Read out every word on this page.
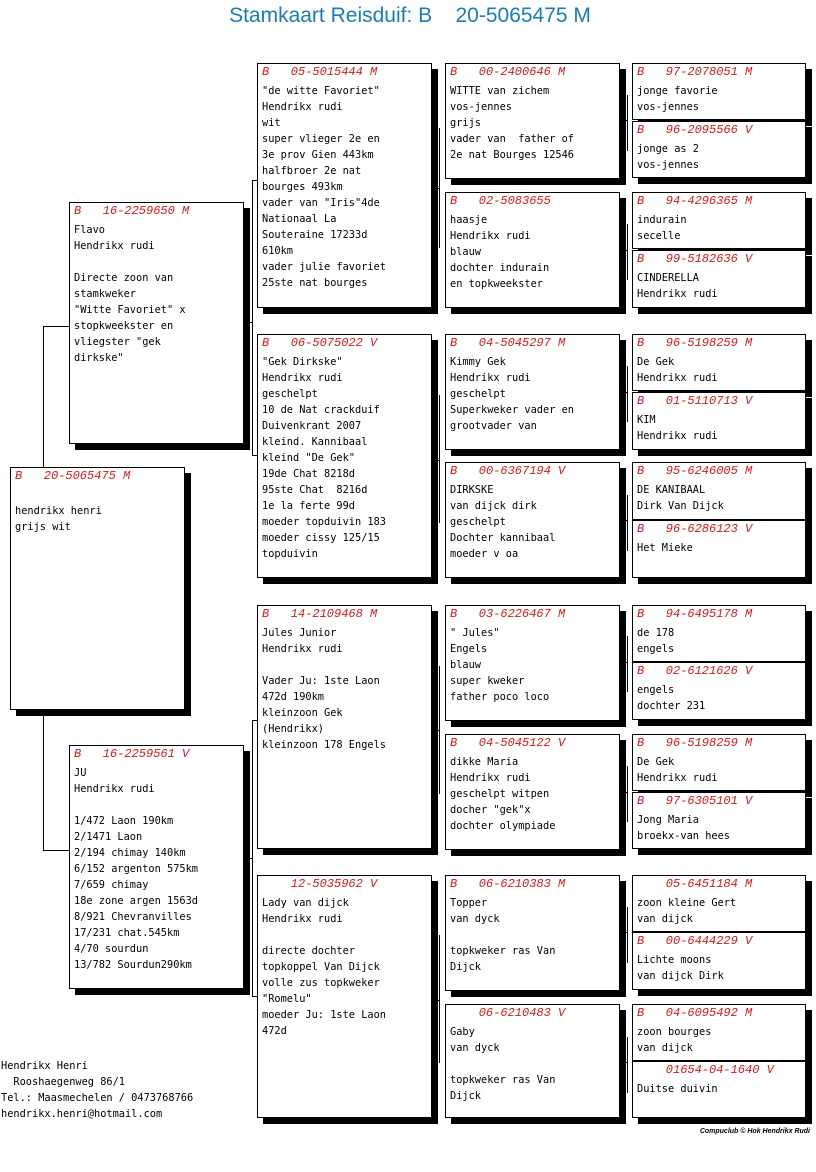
Stamkaart Reisduif: B    20-5065475 M
B   20-5065475 M

hendrikx henri
grijs wit
B   16-2259650 M
Flavo
Hendrikx rudi

Directe zoon van
stamkweker
"Witte Favoriet" x
stopkweekster en
vliegster "gek
dirkske"
B   16-2259561 V
JU
Hendrikx rudi

1/472 Laon 190km
2/1471 Laon
2/194 chimay 140km
6/152 argenton 575km
7/659 chimay
18e zone argen 1563d
8/921 Chevranvilles
17/231 chat.545km
4/70 sourdun
13/782 Sourdun290km
B   05-5015444 M
"de witte Favoriet"
Hendrikx rudi
wit
super vlieger 2e en
3e prov Gien 443km
halfbroer 2e nat
bourges 493km
vader van "Iris"4de
Nationaal La
Souteraine 17233d
610km
vader julie favoriet
25ste nat bourges
B   06-5075022 V
"Gek Dirkske"
Hendrikx rudi
geschelpt
10 de Nat crackduif
Duivenkrant 2007
kleind. Kannibaal
kleind "De Gek"
19de Chat 8218d
95ste Chat  8216d
1e la ferte 99d
moeder topduivin 183
moeder cissy 125/15
topduivin
B   14-2109468 M
Jules Junior
Hendrikx rudi

Vader Ju: 1ste Laon
472d 190km
kleinzoon Gek
(Hendrikx)
kleinzoon 178 Engels
12-5035962 V
Lady van dijck
Hendrikx rudi

directe dochter
topkoppel Van Dijck
volle zus topkweker
"Romelu"
moeder Ju: 1ste Laon
472d
B   00-2400646 M
WITTE van zichem
vos-jennes
grijs
vader van  father of
2e nat Bourges 12546
B   02-5083655
haasje
Hendrikx rudi
blauw
dochter indurain
en topkweekster
B   04-5045297 M
Kimmy Gek
Hendrikx rudi
geschelpt
Superkweker vader en
grootvader van
B   00-6367194 V
DIRKSKE
van dijck dirk
geschelpt
Dochter kannibaal
moeder v oa
B   03-6226467 M
" Jules"
Engels
blauw
super kweker
father poco loco
B   04-5045122 V
dikke Maria
Hendrikx rudi
geschelpt witpen
docher "gek"x
dochter olympiade
B   06-6210383 M
Topper
van dyck

topkweker ras Van
Dijck
06-6210483 V
Gaby
van dyck

topkweker ras Van
Dijck
B   97-2078051 M
jonge favorie
vos-jennes
B   96-2095566 V
jonge as 2
vos-jennes
B   94-4296365 M
indurain
secelle
B   99-5182636 V
CINDERELLA
Hendrikx rudi
B   96-5198259 M
De Gek
Hendrikx rudi
B   01-5110713 V
KIM
Hendrikx rudi
B   95-6246005 M
DE KANIBAAL
Dirk Van Dijck
B   96-6286123 V
Het Mieke
B   94-6495178 M
de 178
engels
B   02-6121626 V
engels
dochter 231
B   96-5198259 M
De Gek
Hendrikx rudi
B   97-6305101 V
Jong Maria
broekx-van hees
05-6451184 M
zoon kleine Gert
van dijck
B   00-6444229 V
Lichte moons
van dijck Dirk
B   04-6095492 M
zoon bourges
van dijck
01654-04-1640 V
Duitse duivin
Hendrikx Henri
Rooshaegenweg 86/1
Tel.: Maasmechelen / 0473768766
hendrikx.henri@hotmail.com
Compuclub © Hok Hendrikx Rudi
